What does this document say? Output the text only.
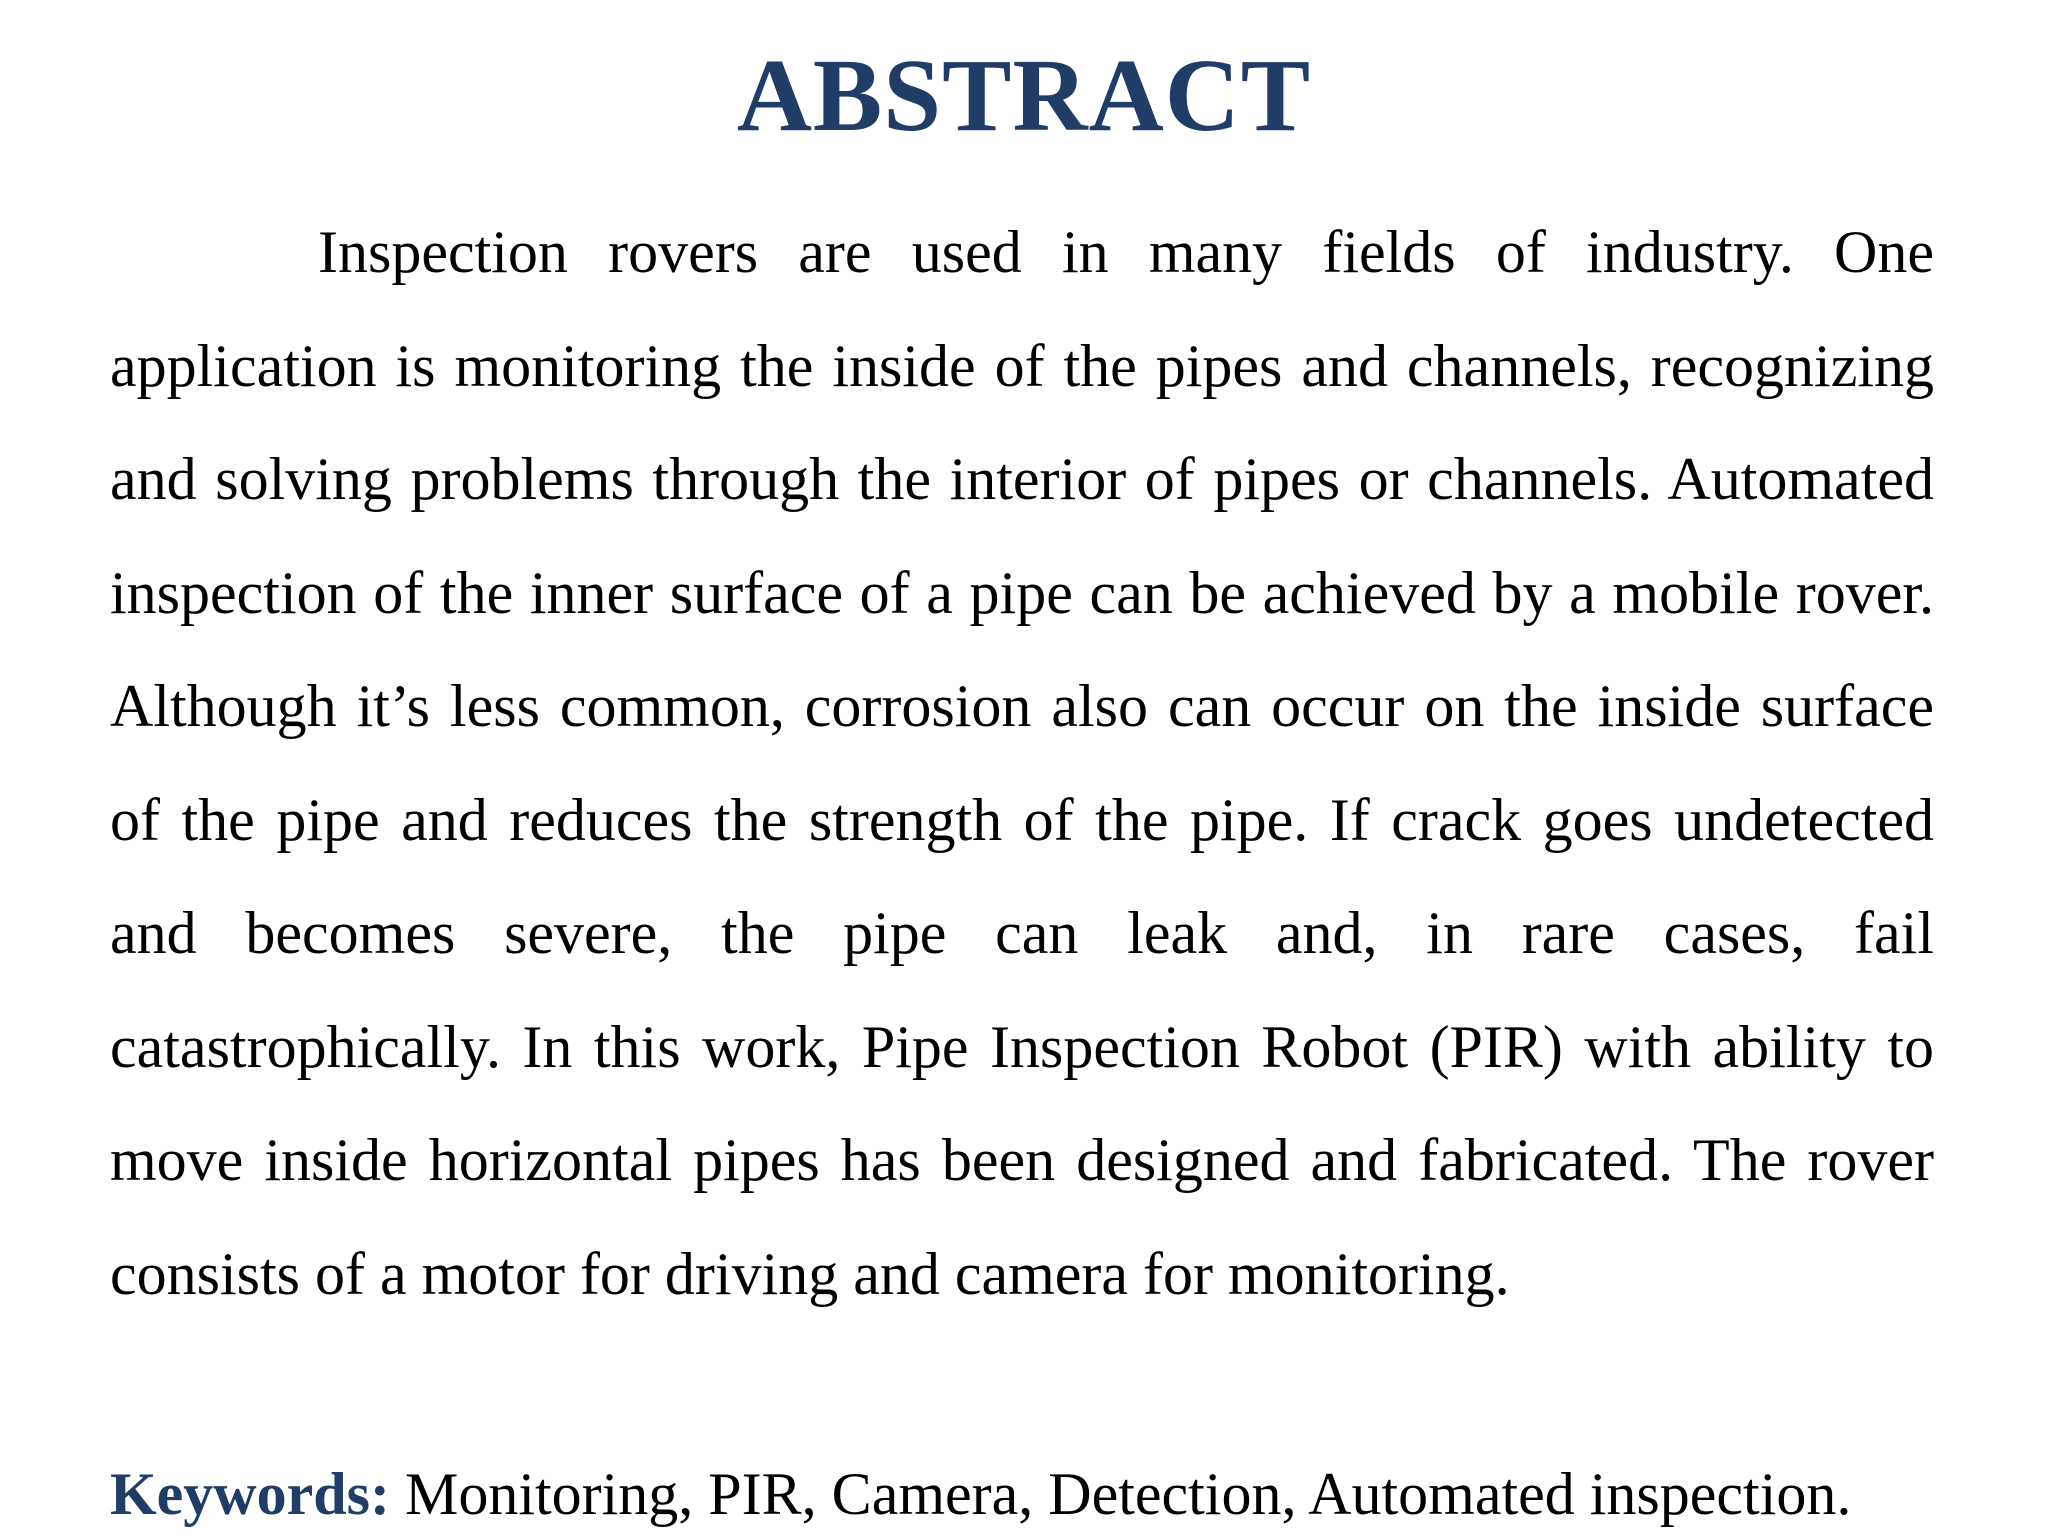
ABSTRACT

Inspection rovers are used in many fields of industry. One application is monitoring the inside of the pipes and channels, recognizing and solving problems through the interior of pipes or channels. Automated inspection of the inner surface of a pipe can be achieved by a mobile rover. Although it’s less common, corrosion also can occur on the inside surface of the pipe and reduces the strength of the pipe. If crack goes undetected and becomes severe, the pipe can leak and, in rare cases, fail catastrophically. In this work, Pipe Inspection Robot (PIR) with ability to move inside horizontal pipes has been designed and fabricated. The rover consists of a motor for driving and camera for monitoring.

Keywords: Monitoring, PIR, Camera, Detection, Automated inspection.
